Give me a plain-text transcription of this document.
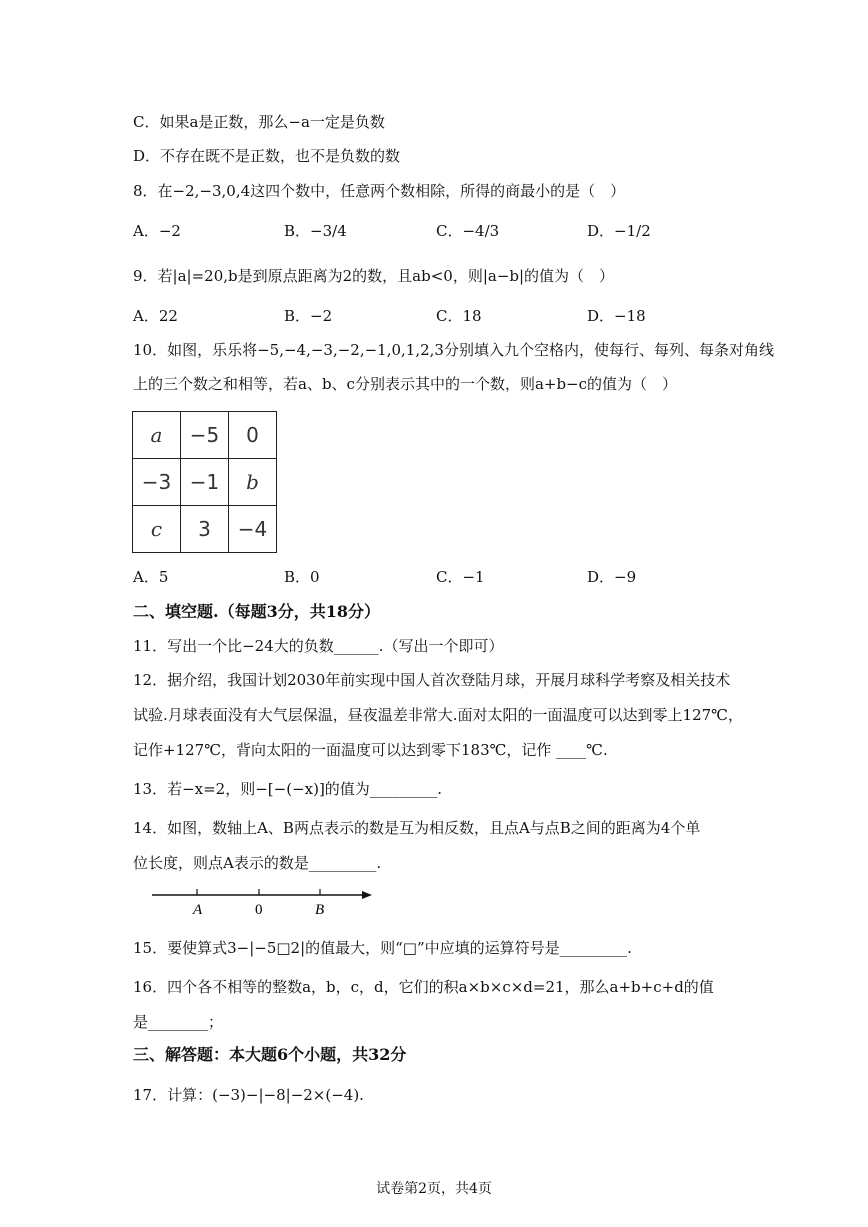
C．如果a是正数，那么−a一定是负数
D．不存在既不是正数，也不是负数的数
8．在−2,−3,0,4这四个数中，任意两个数相除，所得的商最小的是（　）
A．−2	B．−3/4	C．−4/3	D．−1/2
9．若|a|=20,b是到原点距离为2的数，且ab<0，则|a−b|的值为（　）
A．22	B．−2	C．18	D．−18
10．如图，乐乐将−5,−4,−3,−2,−1,0,1,2,3分别填入九个空格内，使每行、每列、每条对角线
上的三个数之和相等，若a、b、c分别表示其中的一个数，则a+b−c的值为（　）
a	−5	0
−3	−1	b
c	3	−4
A．5	B．0	C．−1	D．−9
二、填空题.（每题3分，共18分）
11．写出一个比−24大的负数______.（写出一个即可）
12．据介绍，我国计划2030年前实现中国人首次登陆月球，开展月球科学考察及相关技术
试验.月球表面没有大气层保温，昼夜温差非常大.面对太阳的一面温度可以达到零上127℃，
记作+127℃，背向太阳的一面温度可以达到零下183℃，记作 ____℃.
13．若−x=2，则−[−(−x)]的值为_________.
14．如图，数轴上A、B两点表示的数是互为相反数，且点A与点B之间的距离为4个单
位长度，则点A表示的数是_________.
A	0	B
15．要使算式3−|−5□2|的值最大，则“□”中应填的运算符号是_________.
16．四个各不相等的整数a，b，c，d，它们的积a×b×c×d=21，那么a+b+c+d的值
是________；
三、解答题：本大题6个小题，共32分
17．计算：(−3)−|−8|−2×(−4).
试卷第2页，共4页
